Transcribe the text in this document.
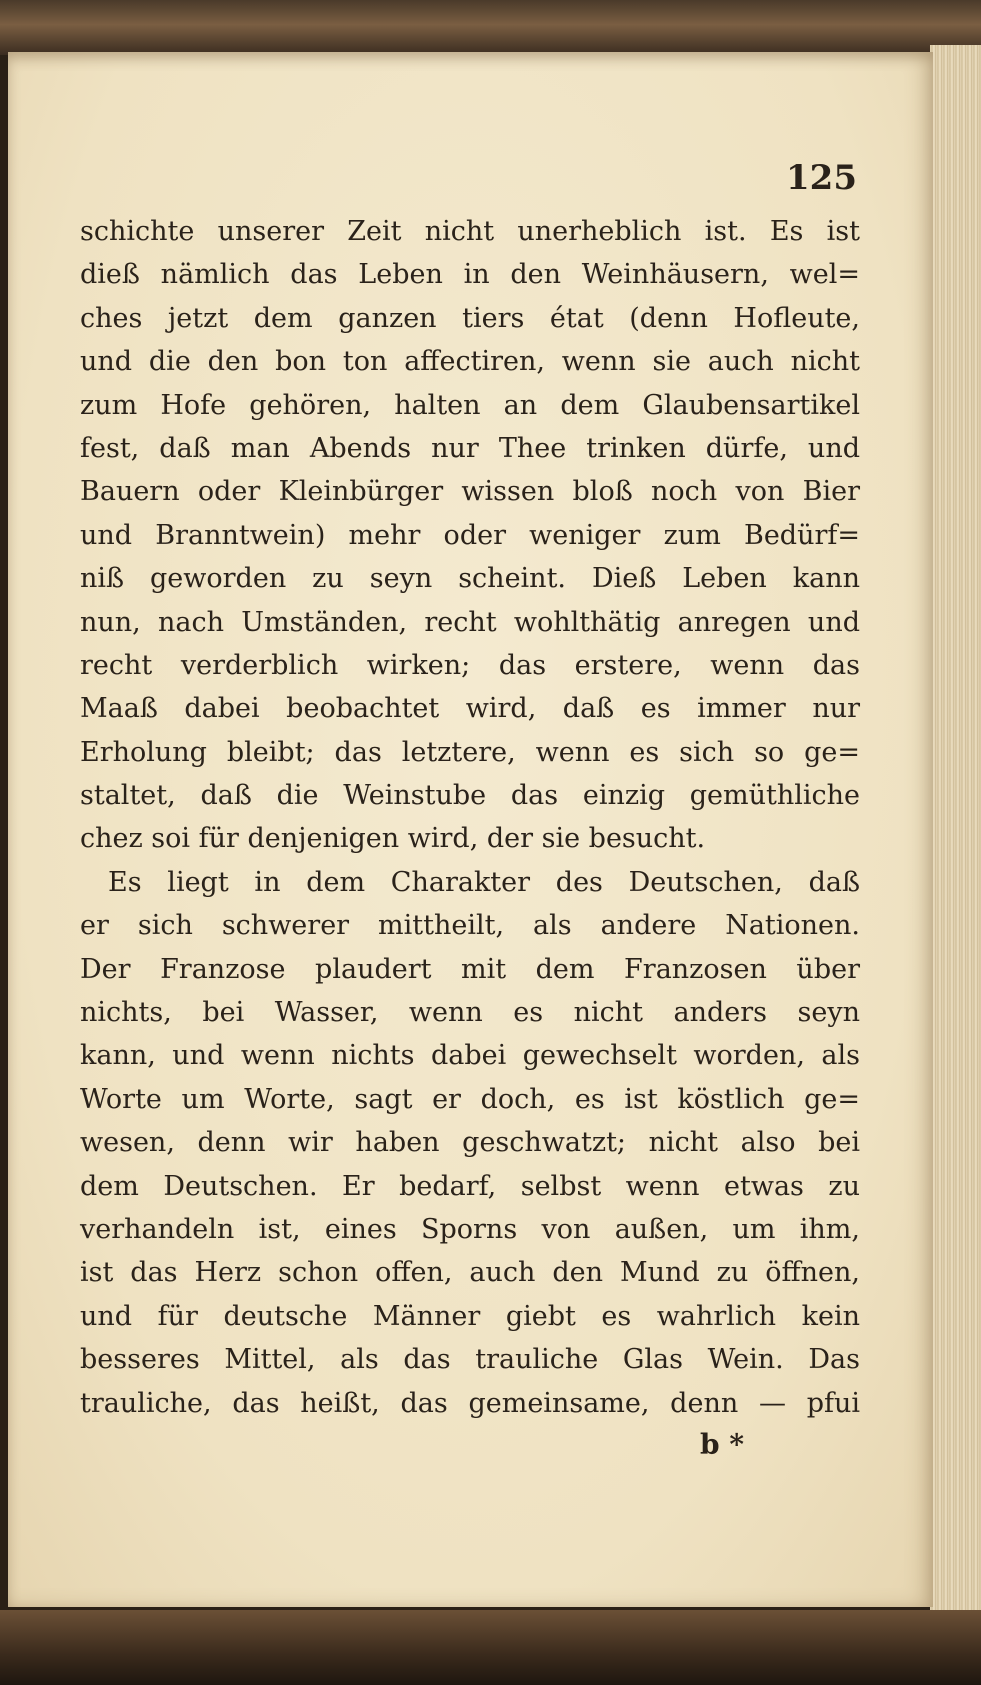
125
schichte unserer Zeit nicht unerheblich ist. Es ist
dieß nämlich das Leben in den Weinhäusern, wel=
ches jetzt dem ganzen tiers état (denn Hofleute,
und die den bon ton affectiren, wenn sie auch nicht
zum Hofe gehören, halten an dem Glaubensartikel
fest, daß man Abends nur Thee trinken dürfe, und
Bauern oder Kleinbürger wissen bloß noch von Bier
und Branntwein) mehr oder weniger zum Bedürf=
niß geworden zu seyn scheint. Dieß Leben kann
nun, nach Umständen, recht wohlthätig anregen und
recht verderblich wirken; das erstere, wenn das
Maaß dabei beobachtet wird, daß es immer nur
Erholung bleibt; das letztere, wenn es sich so ge=
staltet, daß die Weinstube das einzig gemüthliche
chez soi für denjenigen wird, der sie besucht.
Es liegt in dem Charakter des Deutschen, daß
er sich schwerer mittheilt, als andere Nationen.
Der Franzose plaudert mit dem Franzosen über
nichts, bei Wasser, wenn es nicht anders seyn
kann, und wenn nichts dabei gewechselt worden, als
Worte um Worte, sagt er doch, es ist köstlich ge=
wesen, denn wir haben geschwatzt; nicht also bei
dem Deutschen. Er bedarf, selbst wenn etwas zu
verhandeln ist, eines Sporns von außen, um ihm,
ist das Herz schon offen, auch den Mund zu öffnen,
und für deutsche Männer giebt es wahrlich kein
besseres Mittel, als das trauliche Glas Wein. Das
trauliche, das heißt, das gemeinsame, denn — pfui
b *
